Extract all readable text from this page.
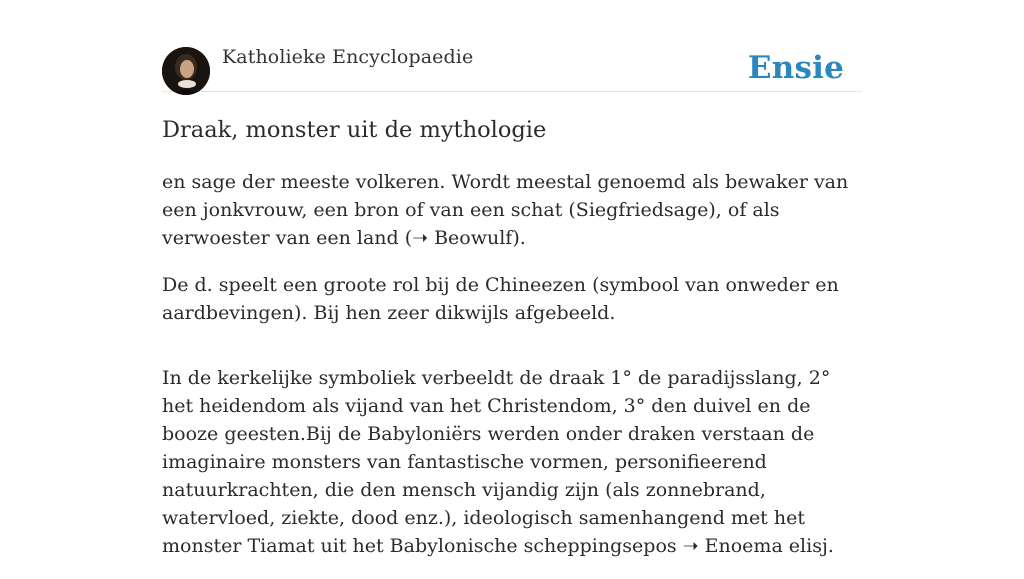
Katholieke Encyclopaedie	Ensie
Draak, monster uit de mythologie

en sage der meeste volkeren. Wordt meestal genoemd als bewaker van een jonkvrouw, een bron of van een schat (Siegfriedsage), of als verwoester van een land (➝ Beowulf).

De d. speelt een groote rol bij de Chineezen (symbool van onweder en aardbevingen). Bij hen zeer dikwijls afgebeeld.

In de kerkelijke symboliek verbeeldt de draak 1° de paradijsslang, 2° het heidendom als vijand van het Christendom, 3° den duivel en de booze geesten.Bij de Babyloniërs werden onder draken verstaan de imaginaire monsters van fantastische vormen, personifieerend natuurkrachten, die den mensch vijandig zijn (als zonnebrand, watervloed, ziekte, dood enz.), ideologisch samenhangend met het monster Tiamat uit het Babylonische scheppingsepos ➝ Enoema elisj.
